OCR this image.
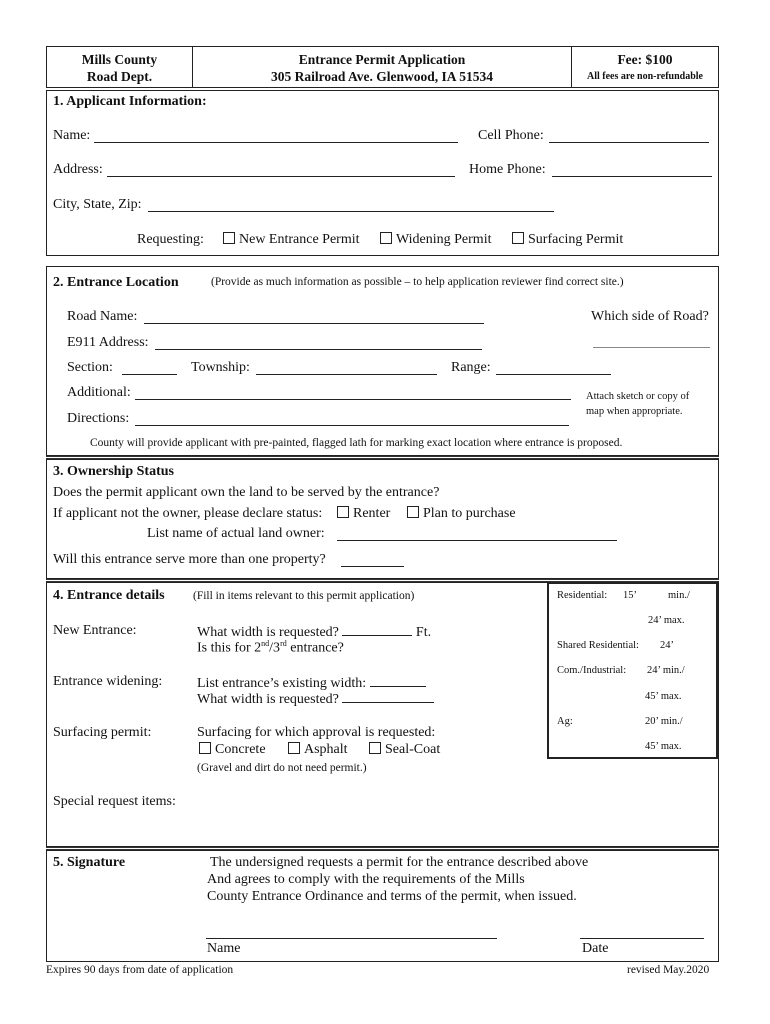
Mills County
Road Dept.
Entrance Permit Application
305 Railroad Ave. Glenwood, IA 51534
Fee: $100
All fees are non-refundable
1. Applicant Information:
Name:	Cell Phone:
Address:	Home Phone:
City, State, Zip:
Requesting:	New Entrance Permit	Widening Permit	Surfacing Permit
2. Entrance Location	(Provide as much information as possible – to help application reviewer find correct site.)
Road Name:	Which side of Road?
E911 Address:
Section:	Township:	Range:
Additional:
Directions:
Attach sketch or copy of
map when appropriate.
County will provide applicant with pre-painted, flagged lath for marking exact location where entrance is proposed.
3. Ownership Status
Does the permit applicant own the land to be served by the entrance?
If applicant not the owner, please declare status:	Renter	Plan to purchase
List name of actual land owner:
Will this entrance serve more than one property?
4. Entrance details (Fill in items relevant to this permit application)
New Entrance:	What width is requested?	Ft.
Is this for 2nd/3rd entrance?
Entrance widening: List entrance’s existing width:
What width is requested?
Surfacing permit:	Surfacing for which approval is requested:
Concrete	Asphalt	Seal-Coat
(Gravel and dirt do not need permit.)
Special request items:
Residential: 15’	min./
24’ max.
Shared Residential: 24’
Com./Industrial: 24’ min./
45’ max.
Ag:	20’ min./
45’ max.
5. Signature	The undersigned requests a permit for the entrance described above
And agrees to comply with the requirements of the Mills
County Entrance Ordinance and terms of the permit, when issued.
Name	Date
Expires 90 days from date of application	revised May.2020
